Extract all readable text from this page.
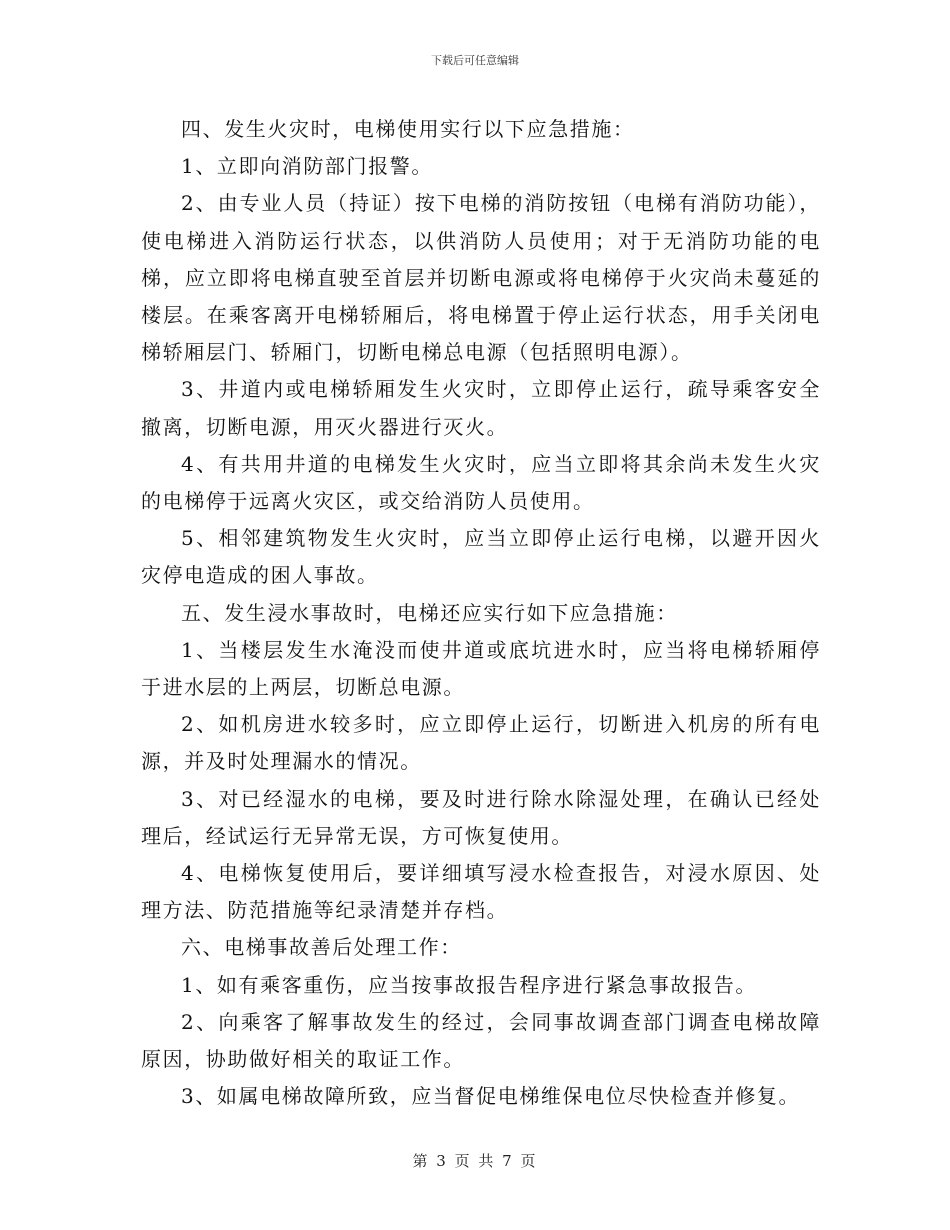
下载后可任意编辑

四、发生火灾时，电梯使用实行以下应急措施：

1、立即向消防部门报警。

2、由专业人员（持证）按下电梯的消防按钮（电梯有消防功能），使电梯进入消防运行状态，以供消防人员使用；对于无消防功能的电梯，应立即将电梯直驶至首层并切断电源或将电梯停于火灾尚未蔓延的楼层。在乘客离开电梯轿厢后，将电梯置于停止运行状态，用手关闭电梯轿厢层门、轿厢门，切断电梯总电源（包括照明电源）。

3、井道内或电梯轿厢发生火灾时，立即停止运行，疏导乘客安全撤离，切断电源，用灭火器进行灭火。

4、有共用井道的电梯发生火灾时，应当立即将其余尚未发生火灾的电梯停于远离火灾区，或交给消防人员使用。

5、相邻建筑物发生火灾时，应当立即停止运行电梯，以避开因火灾停电造成的困人事故。

五、发生浸水事故时，电梯还应实行如下应急措施：

1、当楼层发生水淹没而使井道或底坑进水时，应当将电梯轿厢停于进水层的上两层，切断总电源。

2、如机房进水较多时，应立即停止运行，切断进入机房的所有电源，并及时处理漏水的情况。

3、对已经湿水的电梯，要及时进行除水除湿处理，在确认已经处理后，经试运行无异常无误，方可恢复使用。

4、电梯恢复使用后，要详细填写浸水检查报告，对浸水原因、处理方法、防范措施等纪录清楚并存档。

六、电梯事故善后处理工作：

1、如有乘客重伤，应当按事故报告程序进行紧急事故报告。

2、向乘客了解事故发生的经过，会同事故调查部门调查电梯故障原因，协助做好相关的取证工作。

3、如属电梯故障所致，应当督促电梯维保电位尽快检查并修复。

第 3 页 共 7 页
